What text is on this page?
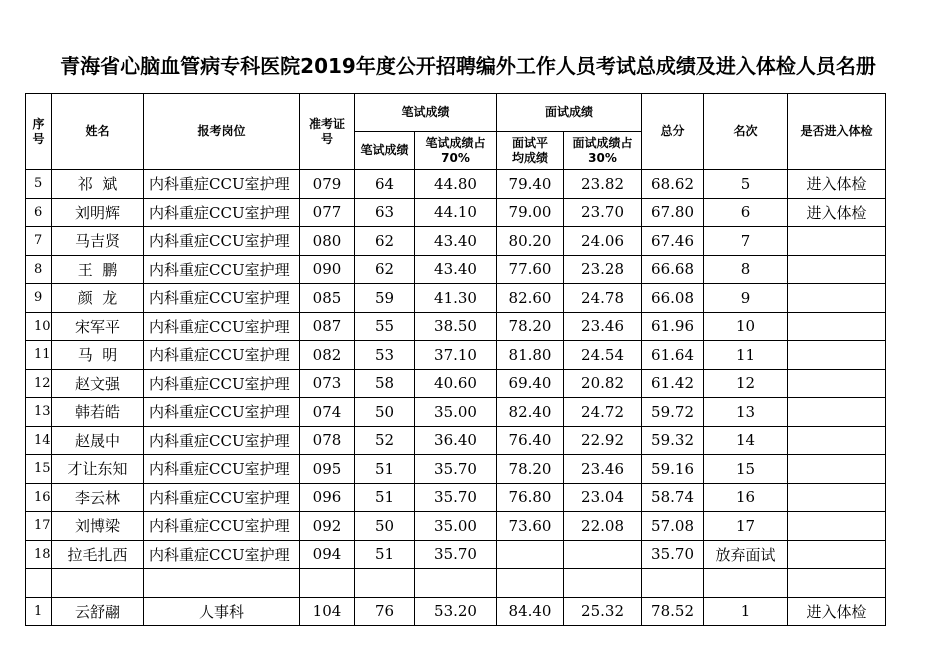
青海省心脑血管病专科医院2019年度公开招聘编外工作人员考试总成绩及进入体检人员名册
序号	姓名	报考岗位	准考证号	笔试成绩		面试成绩		总分	名次	是否进入体检
				笔试成绩	笔试成绩占70%	面试平均成绩	面试成绩占30%			
5	祁  斌	内科重症CCU室护理	079	64	44.80	79.40	23.82	68.62	5	进入体检
6	刘明辉	内科重症CCU室护理	077	63	44.10	79.00	23.70	67.80	6	进入体检
7	马吉贤	内科重症CCU室护理	080	62	43.40	80.20	24.06	67.46	7	
8	王  鹏	内科重症CCU室护理	090	62	43.40	77.60	23.28	66.68	8	
9	颜  龙	内科重症CCU室护理	085	59	41.30	82.60	24.78	66.08	9	
10	宋军平	内科重症CCU室护理	087	55	38.50	78.20	23.46	61.96	10	
11	马  明	内科重症CCU室护理	082	53	37.10	81.80	24.54	61.64	11	
12	赵文强	内科重症CCU室护理	073	58	40.60	69.40	20.82	61.42	12	
13	韩若皓	内科重症CCU室护理	074	50	35.00	82.40	24.72	59.72	13	
14	赵晟中	内科重症CCU室护理	078	52	36.40	76.40	22.92	59.32	14	
15	才让东知	内科重症CCU室护理	095	51	35.70	78.20	23.46	59.16	15	
16	李云林	内科重症CCU室护理	096	51	35.70	76.80	23.04	58.74	16	
17	刘博梁	内科重症CCU室护理	092	50	35.00	73.60	22.08	57.08	17	
18	拉毛扎西	内科重症CCU室护理	094	51	35.70			35.70	放弃面试	

1	云舒翮	人事科	104	76	53.20	84.40	25.32	78.52	1	进入体检
